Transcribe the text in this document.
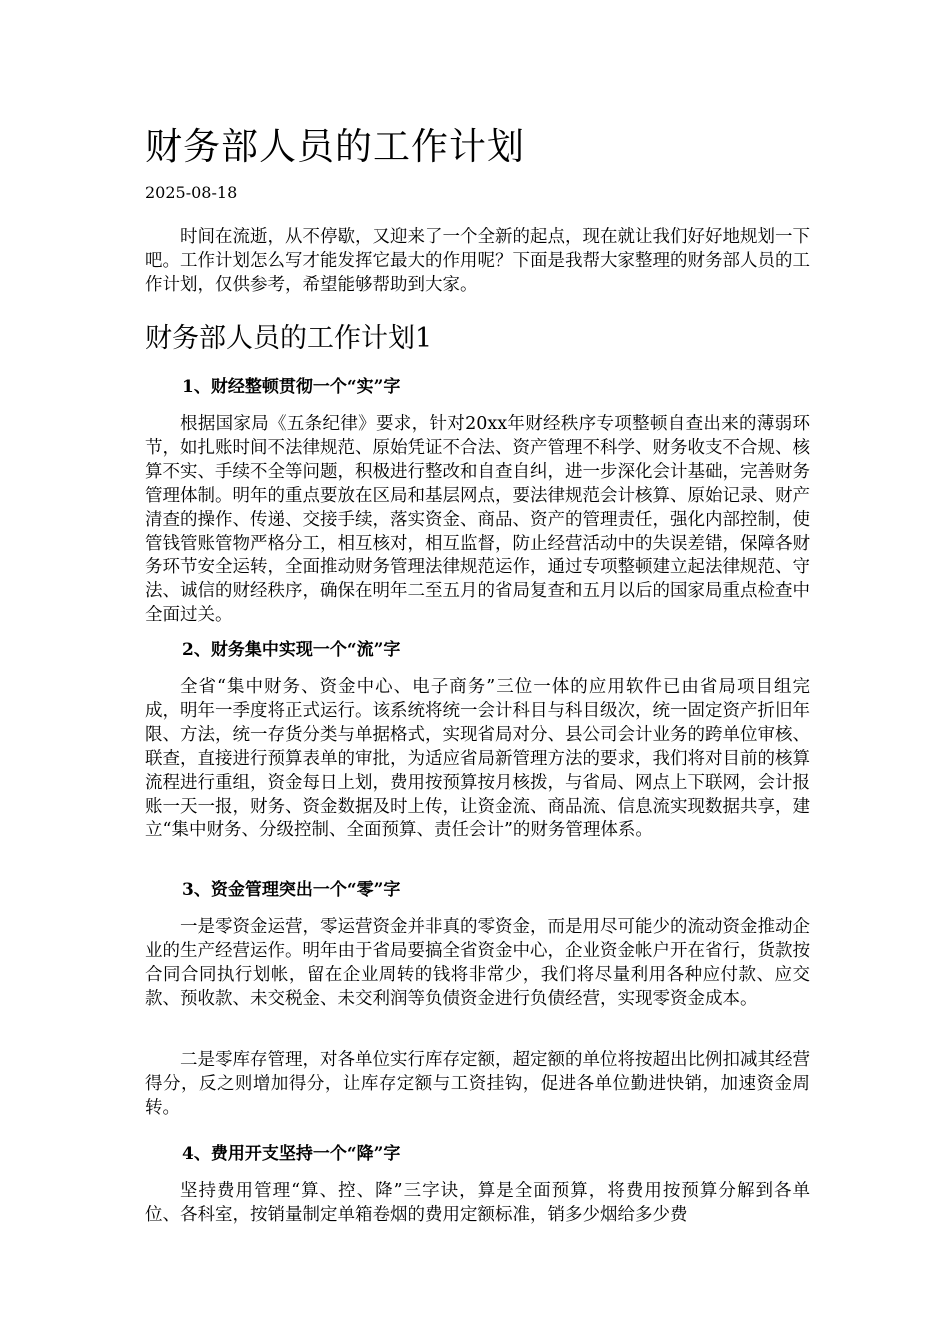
财务部人员的工作计划
2025-08-18

时间在流逝，从不停歇，又迎来了一个全新的起点，现在就让我们好好地规划一下吧。工作计划怎么写才能发挥它最大的作用呢？下面是我帮大家整理的财务部人员的工作计划，仅供参考，希望能够帮助到大家。

财务部人员的工作计划1
1、财经整顿贯彻一个“实”字

根据国家局《五条纪律》要求，针对20xx年财经秩序专项整顿自查出来的薄弱环节，如扎账时间不法律规范、原始凭证不合法、资产管理不科学、财务收支不合规、核算不实、手续不全等问题，积极进行整改和自查自纠，进一步深化会计基础，完善财务管理体制。明年的重点要放在区局和基层网点，要法律规范会计核算、原始记录、财产清查的操作、传递、交接手续，落实资金、商品、资产的管理责任，强化内部控制，使管钱管账管物严格分工，相互核对，相互监督，防止经营活动中的失误差错，保障各财务环节安全运转，全面推动财务管理法律规范运作，通过专项整顿建立起法律规范、守法、诚信的财经秩序，确保在明年二至五月的省局复查和五月以后的国家局重点检查中全面过关。

2、财务集中实现一个“流”字

全省“集中财务、资金中心、电子商务”三位一体的应用软件已由省局项目组完成，明年一季度将正式运行。该系统将统一会计科目与科目级次，统一固定资产折旧年限、方法，统一存货分类与单据格式，实现省局对分、县公司会计业务的跨单位审核、联查，直接进行预算表单的审批，为适应省局新管理方法的要求，我们将对目前的核算流程进行重组，资金每日上划，费用按预算按月核拨，与省局、网点上下联网，会计报账一天一报，财务、资金数据及时上传，让资金流、商品流、信息流实现数据共享，建立“集中财务、分级控制、全面预算、责任会计”的财务管理体系。

3、资金管理突出一个“零”字

一是零资金运营，零运营资金并非真的零资金，而是用尽可能少的流动资金推动企业的生产经营运作。明年由于省局要搞全省资金中心，企业资金帐户开在省行，货款按合同合同执行划帐，留在企业周转的钱将非常少，我们将尽量利用各种应付款、应交款、预收款、未交税金、未交利润等负债资金进行负债经营，实现零资金成本。

二是零库存管理，对各单位实行库存定额，超定额的单位将按超出比例扣减其经营得分，反之则增加得分，让库存定额与工资挂钩，促进各单位勤进快销，加速资金周转。

4、费用开支坚持一个“降”字

坚持费用管理“算、控、降”三字诀，算是全面预算，将费用按预算分解到各单位、各科室，按销量制定单箱卷烟的费用定额标准，销多少烟给多少费
